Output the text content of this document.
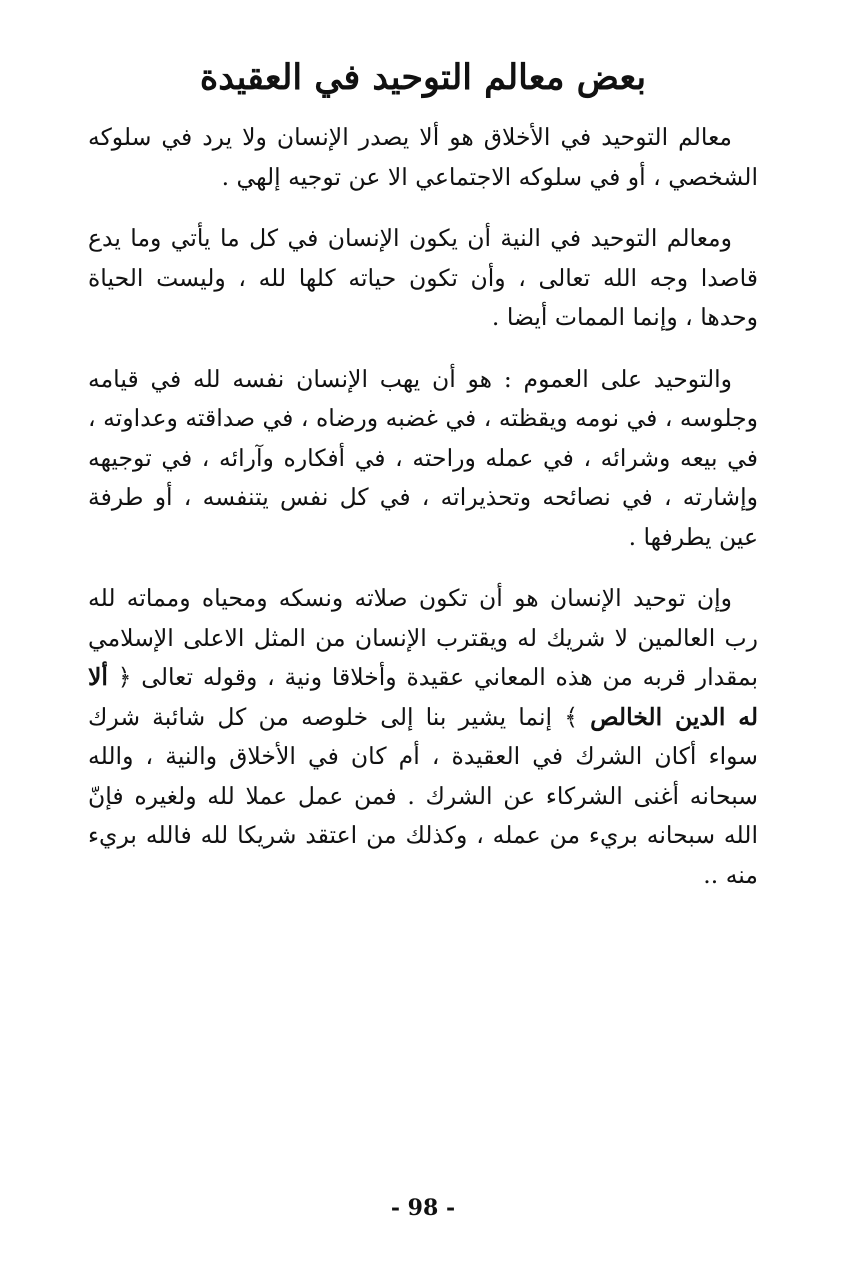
بعض معالم التوحيد في العقيدة

معالم التوحيد في الأخلاق هو ألا يصدر الإنسان ولا يرد في سلوكه الشخصي ، أو في سلوكه الاجتماعي الا عن توجيه إلهي .

ومعالم التوحيد في النية أن يكون الإنسان في كل ما يأتي وما يدع قاصدا وجه الله تعالى ، وأن تكون حياته كلها لله ، وليست الحياة وحدها ، وإنما الممات أيضا .

والتوحيد على العموم : هو أن يهب الإنسان نفسه لله في قيامه وجلوسه ، في نومه ويقظته ، في غضبه ورضاه ، في صداقته وعداوته ، في بيعه وشرائه ، في عمله وراحته ، في أفكاره وآرائه ، في توجيهه وإشارته ، في نصائحه وتحذيراته ، في كل نفس يتنفسه ، أو طرفة عين يطرفها .

وإن توحيد الإنسان هو أن تكون صلاته ونسكه ومحياه ومماته لله رب العالمين لا شريك له ويقترب الإنسان من المثل الاعلى الإسلامي بمقدار قربه من هذه المعاني عقيدة وأخلاقا ونية ، وقوله تعالى ﴿ ألا له الدين الخالص ﴾ إنما يشير بنا إلى خلوصه من كل شائبة شرك سواء أكان الشرك في العقيدة ، أم كان في الأخلاق والنية ، والله سبحانه أغنى الشركاء عن الشرك . فمن عمل عملا لله ولغيره فإنّ الله سبحانه بريء من عمله ، وكذلك من اعتقد شريكا لله فالله بريء منه ..

- 98 -
